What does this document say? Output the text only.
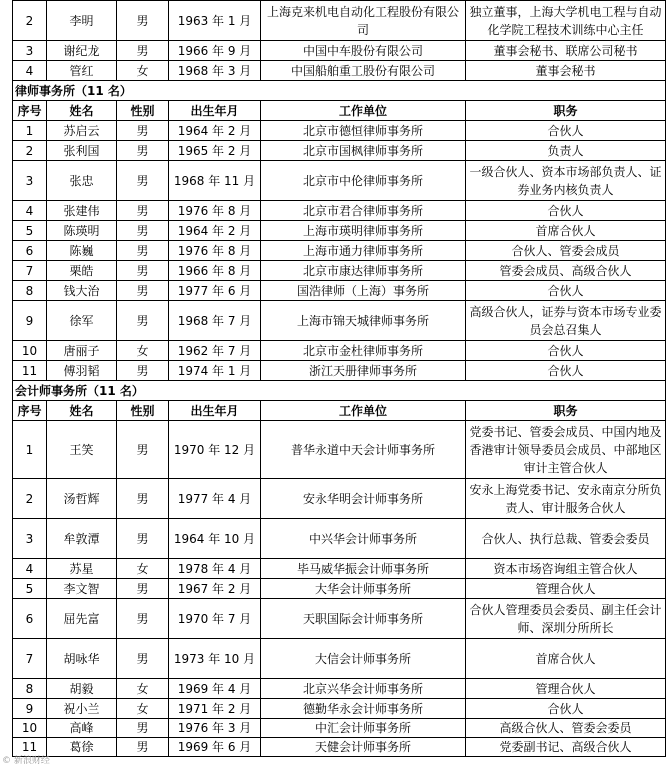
2	李明	男	1963 年 1 月	上海克来机电自动化工程股份有限公司	独立董事，上海大学机电工程与自动化学院工程技术训练中心主任
3	谢纪龙	男	1966 年 9 月	中国中车股份有限公司	董事会秘书、联席公司秘书
4	管红	女	1968 年 3 月	中国船舶重工股份有限公司	董事会秘书
律师事务所（11 名）					
序号	姓名	性别	出生年月	工作单位	职务
1	苏启云	男	1964 年 2 月	北京市德恒律师事务所	合伙人
2	张利国	男	1965 年 2 月	北京市国枫律师事务所	负责人
3	张忠	男	1968 年 11 月	北京市中伦律师事务所	一级合伙人、资本市场部负责人、证券业务内核负责人
4	张建伟	男	1976 年 8 月	北京市君合律师事务所	合伙人
5	陈瑛明	男	1964 年 2 月	上海市瑛明律师事务所	首席合伙人
6	陈巍	男	1976 年 8 月	上海市通力律师事务所	合伙人、管委会成员
7	栗皓	男	1966 年 8 月	北京市康达律师事务所	管委会成员、高级合伙人
8	钱大治	男	1977 年 6 月	国浩律师（上海）事务所	合伙人
9	徐军	男	1968 年 7 月	上海市锦天城律师事务所	高级合伙人，证券与资本市场专业委员会总召集人
10	唐丽子	女	1962 年 7 月	北京市金杜律师事务所	合伙人
11	傅羽韬	男	1974 年 1 月	浙江天册律师事务所	合伙人
会计师事务所（11 名）					
序号	姓名	性别	出生年月	工作单位	职务
1	王笑	男	1970 年 12 月	普华永道中天会计师事务所	党委书记、管委会成员、中国内地及香港审计领导委员会成员、中部地区审计主管合伙人
2	汤哲辉	男	1977 年 4 月	安永华明会计师事务所	安永上海党委书记、安永南京分所负责人、审计服务合伙人
3	牟敦潭	男	1964 年 10 月	中兴华会计师事务所	合伙人、执行总裁、管委会委员
4	苏星	女	1978 年 4 月	毕马威华振会计师事务所	资本市场咨询组主管合伙人
5	李文智	男	1967 年 2 月	大华会计师事务所	管理合伙人
6	屈先富	男	1970 年 7 月	天职国际会计师事务所	合伙人管理委员会委员、副主任会计师、深圳分所所长
7	胡咏华	男	1973 年 10 月	大信会计师事务所	首席合伙人
8	胡毅	女	1969 年 4 月	北京兴华会计师事务所	管理合伙人
9	祝小兰	女	1971 年 2 月	德勤华永会计师事务所	合伙人
10	高峰	男	1976 年 3 月	中汇会计师事务所	高级合伙人、管委会委员
11	葛徐	男	1969 年 6 月	天健会计师事务所	党委副书记、高级合伙人
© 新浪财经
